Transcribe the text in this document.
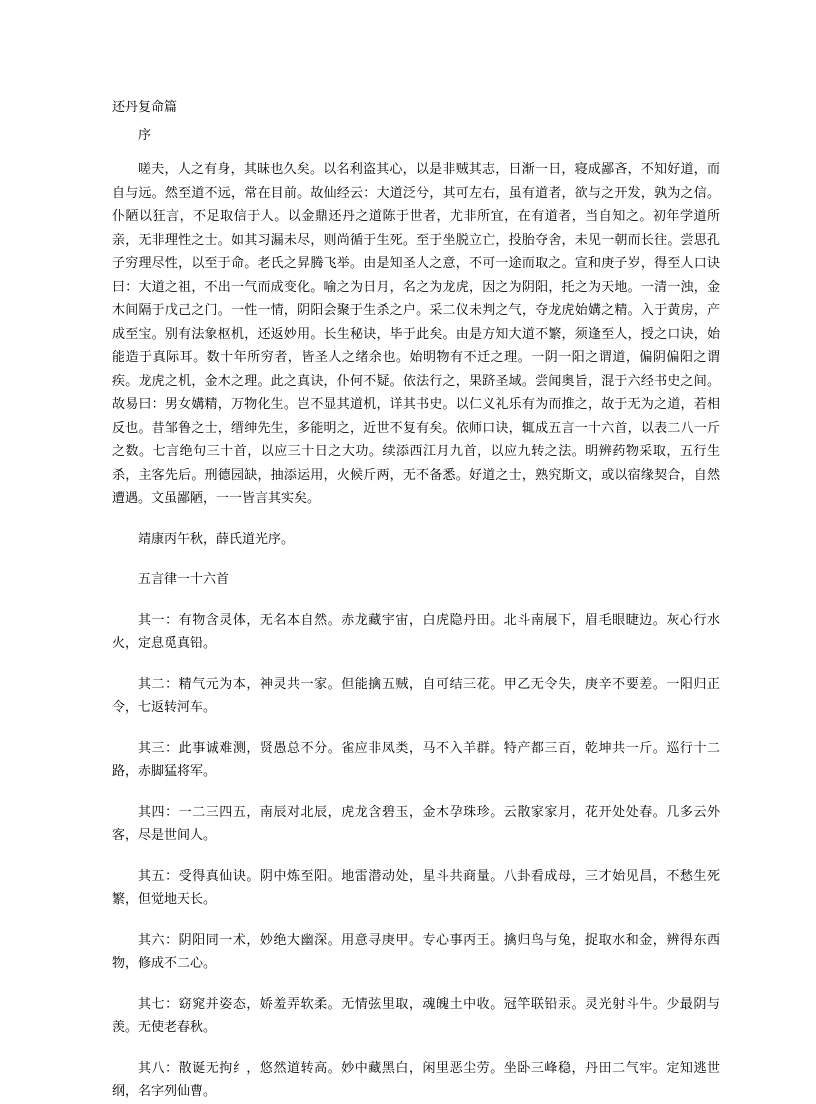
还丹复命篇
序

嗟夫，人之有身，其昧也久矣。以名利盗其心，以是非贼其志，日渐一日，寝成鄙吝，不知好道，而自与远。然至道不远，常在目前。故仙经云：大道泛兮，其可左右，虽有道者，欲与之开发，孰为之信。仆陋以狂言，不足取信于人。以金鼎还丹之道陈于世者，尤非所宜，在有道者，当自知之。初年学道所亲，无非理性之士。如其习漏未尽，则尚循于生死。至于坐脱立亡，投胎夺舍，未见一朝而长往。尝思孔子穷理尽性，以至于命。老氏之昇腾飞举。由是知圣人之意，不可一途而取之。宣和庚子岁，得至人口诀曰：大道之祖，不出一气而成变化。喻之为日月，名之为龙虎，因之为阴阳，托之为天地。一清一浊，金木间隔于戊己之门。一性一情，阴阳会聚于生杀之户。采二仪未判之气，夺龙虎始媾之精。入于黄房，产成至宝。别有法象枢机，还返妙用。长生秘诀，毕于此矣。由是方知大道不繁，须逢至人，授之口诀，始能造于真际耳。数十年所穷者，皆圣人之绪余也。始明物有不迁之理。一阴一阳之谓道，偏阴偏阳之谓疾。龙虎之机，金木之理。此之真诀，仆何不疑。依法行之，果跻圣域。尝闻奥旨，混于六经书史之间。故易曰：男女媾精，万物化生。岂不显其道机，详其书史。以仁义礼乐有为而推之，故于无为之道，若相反也。昔邹鲁之士，缙绅先生，多能明之，近世不复有矣。依师口诀，辄成五言一十六首，以表二八一斤之数。七言绝句三十首，以应三十日之大功。续添西江月九首，以应九转之法。明辨药物采取，五行生杀，主客先后。刑德园缺，抽添运用，火候斤两，无不备悉。好道之士，熟究斯文，或以宿缘契合，自然遭遇。文虽鄙陋，一一皆言其实矣。

靖康丙午秋，薛氏道光序。

五言律一十六首

其一：有物含灵体，无名本自然。赤龙藏宇宙，白虎隐丹田。北斗南展下，眉毛眼睫边。灰心行水火，定息觅真铅。

其二：精气元为本，神灵共一家。但能擒五贼，自可结三花。甲乙无令失，庚辛不要差。一阳归正令，七返转河车。

其三：此事诚难测，贤愚总不分。雀应非凤类，马不入羊群。特产都三百，乾坤共一斤。巡行十二路，赤脚猛将军。

其四：一二三四五，南辰对北辰，虎龙含碧玉，金木孕珠珍。云散家家月，花开处处春。几多云外客，尽是世间人。

其五：受得真仙诀。阴中炼至阳。地雷潜动处，星斗共商量。八卦看成母，三才始见昌，不愁生死繁，但觉地天长。

其六：阴阳同一术，妙绝大幽深。用意寻庚甲。专心事丙王。擒归鸟与兔，捉取水和金，辨得东西物，修成不二心。

其七：窈窕并姿态，娇羞弄软柔。无情弦里取，魂魄土中收。冠竿联铅汞。灵光射斗牛。少最阴与羡。无使老春秋。

其八：散诞无拘纟，悠然道转高。妙中藏黑白，闲里恶尘劳。坐卧三峰稳，丹田二气牢。定知逃世纲，名字列仙曹。
